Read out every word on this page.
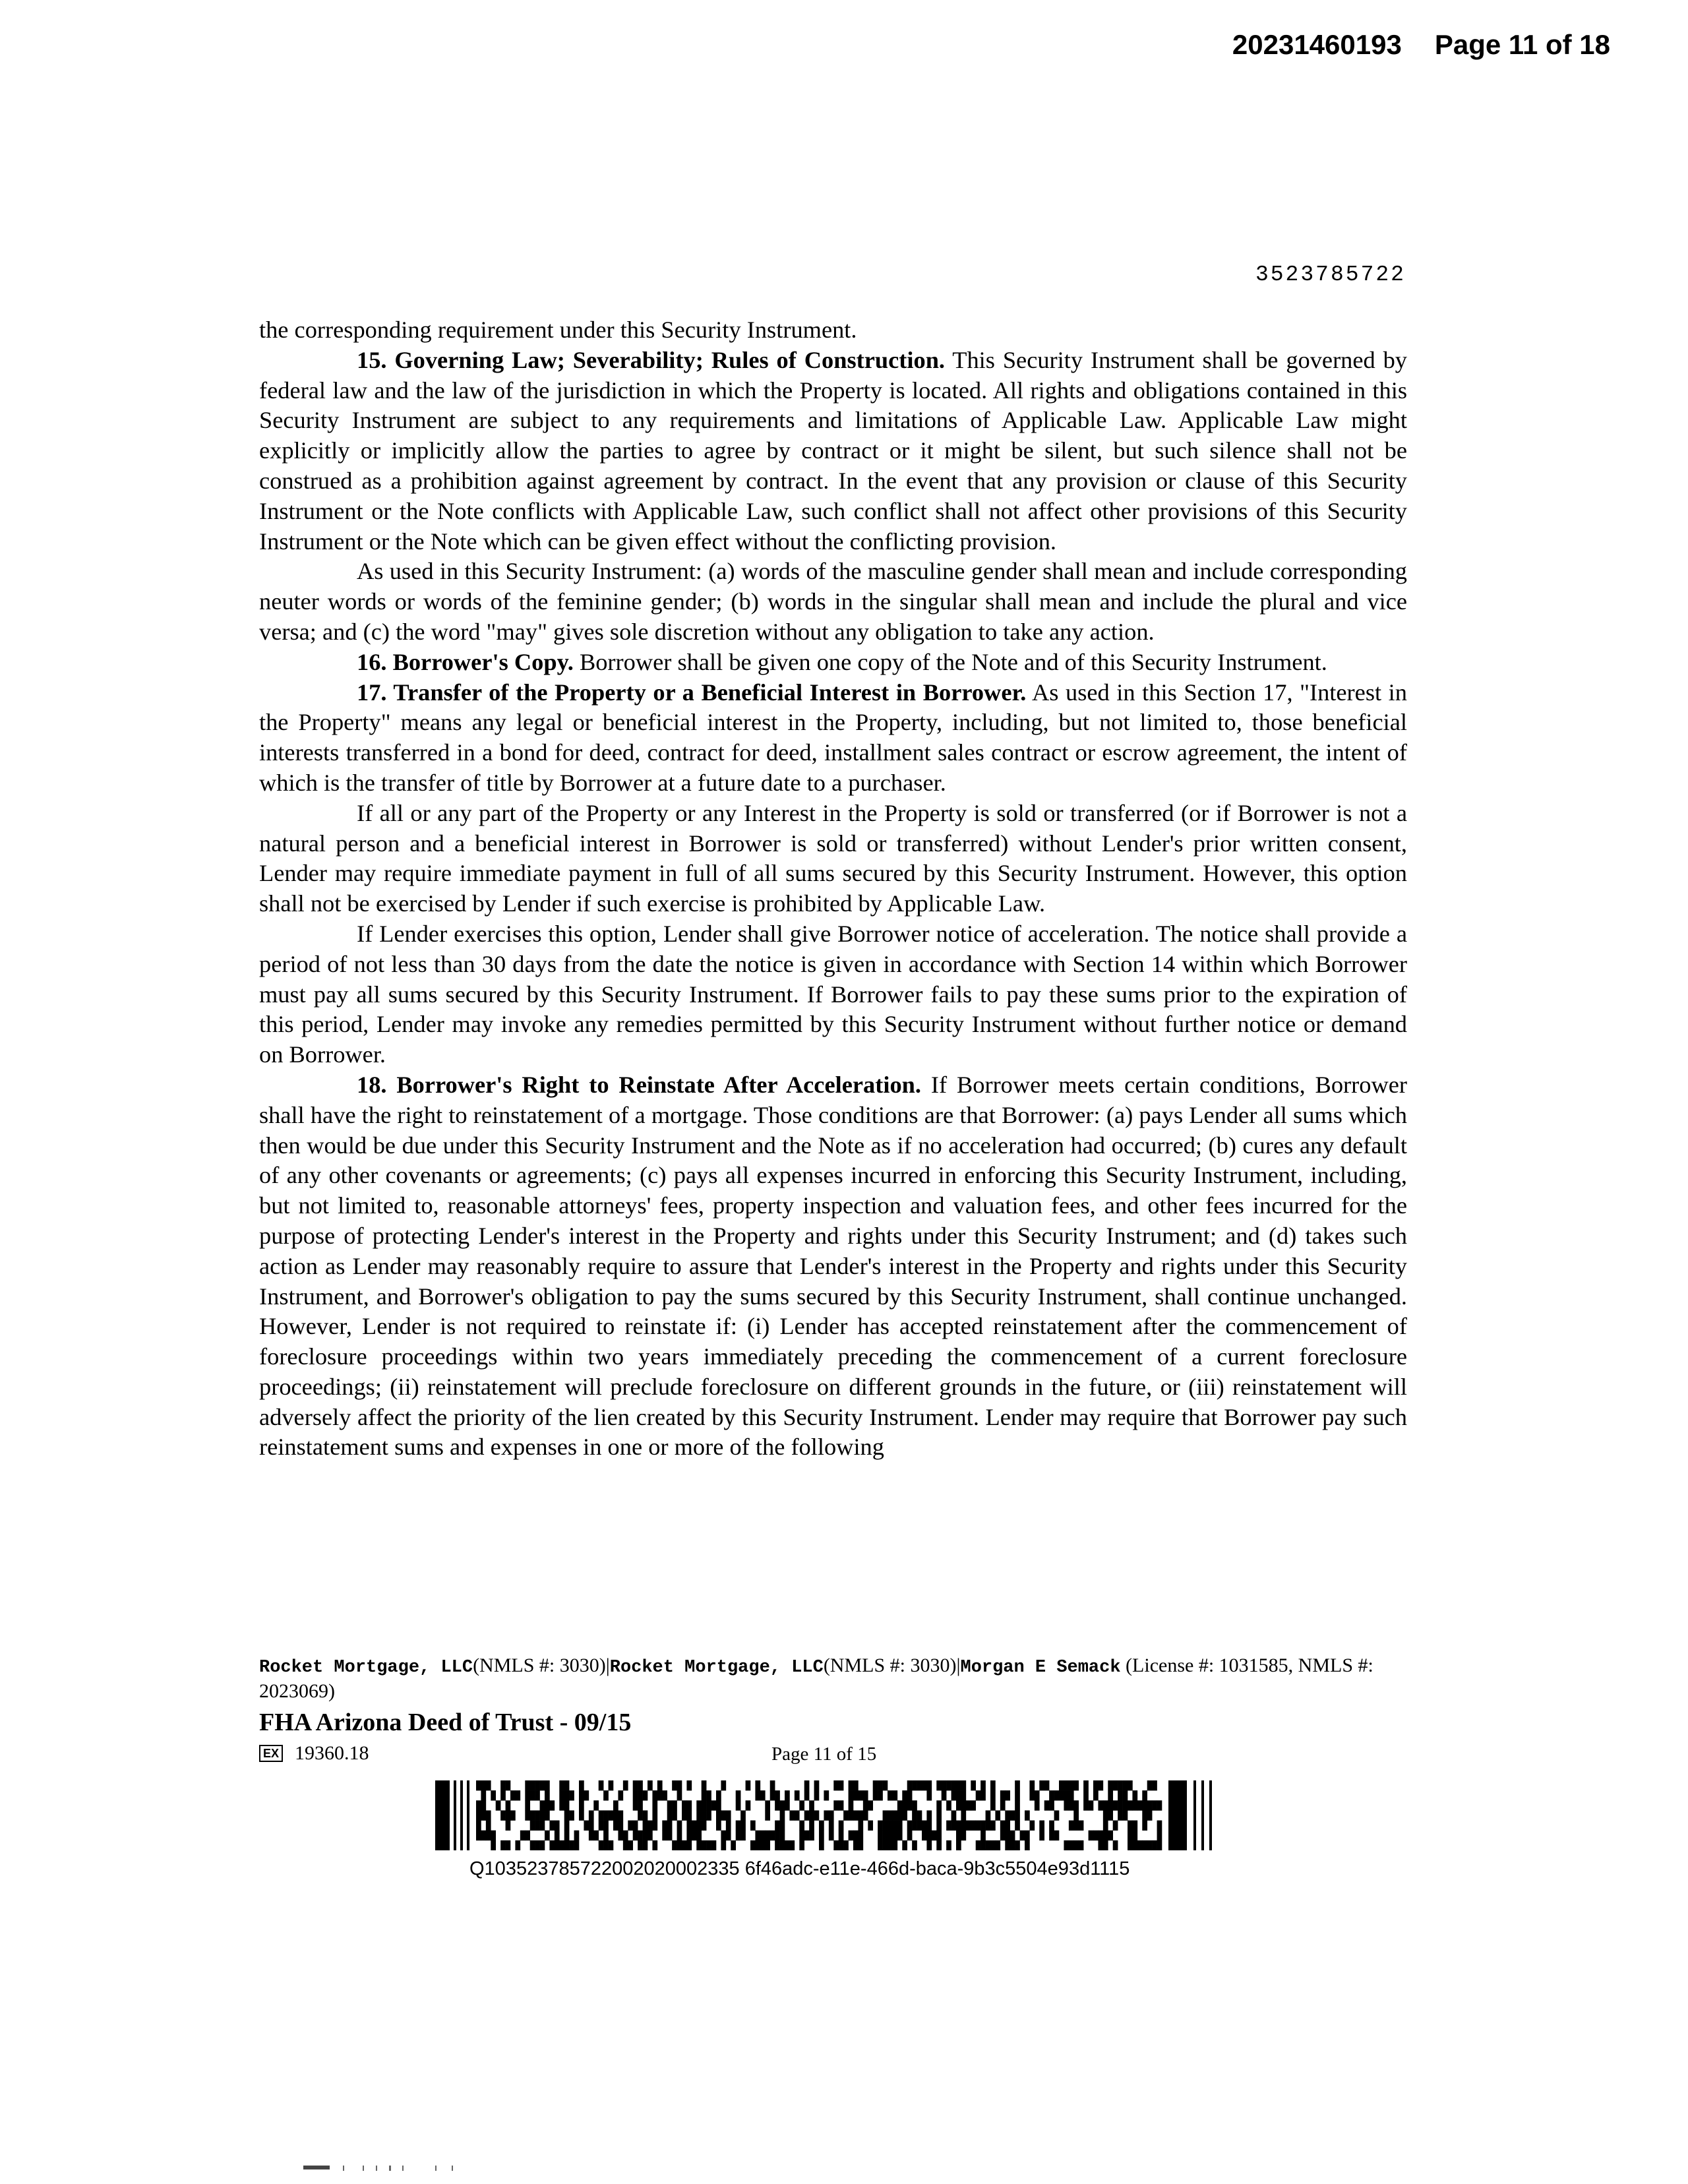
20231460193 Page 11 of 18
3523785722

the corresponding requirement under this Security Instrument.

15. Governing Law; Severability; Rules of Construction. This Security Instrument shall be governed by federal law and the law of the jurisdiction in which the Property is located. All rights and obligations contained in this Security Instrument are subject to any requirements and limitations of Applicable Law. Applicable Law might explicitly or implicitly allow the parties to agree by contract or it might be silent, but such silence shall not be construed as a prohibition against agreement by contract. In the event that any provision or clause of this Security Instrument or the Note conflicts with Applicable Law, such conflict shall not affect other provisions of this Security Instrument or the Note which can be given effect without the conflicting provision.

As used in this Security Instrument: (a) words of the masculine gender shall mean and include corresponding neuter words or words of the feminine gender; (b) words in the singular shall mean and include the plural and vice versa; and (c) the word "may" gives sole discretion without any obligation to take any action.

16. Borrower's Copy. Borrower shall be given one copy of the Note and of this Security Instrument.

17. Transfer of the Property or a Beneficial Interest in Borrower. As used in this Section 17, "Interest in the Property" means any legal or beneficial interest in the Property, including, but not limited to, those beneficial interests transferred in a bond for deed, contract for deed, installment sales contract or escrow agreement, the intent of which is the transfer of title by Borrower at a future date to a purchaser.

If all or any part of the Property or any Interest in the Property is sold or transferred (or if Borrower is not a natural person and a beneficial interest in Borrower is sold or transferred) without Lender's prior written consent, Lender may require immediate payment in full of all sums secured by this Security Instrument. However, this option shall not be exercised by Lender if such exercise is prohibited by Applicable Law.

If Lender exercises this option, Lender shall give Borrower notice of acceleration. The notice shall provide a period of not less than 30 days from the date the notice is given in accordance with Section 14 within which Borrower must pay all sums secured by this Security Instrument. If Borrower fails to pay these sums prior to the expiration of this period, Lender may invoke any remedies permitted by this Security Instrument without further notice or demand on Borrower.

18. Borrower's Right to Reinstate After Acceleration. If Borrower meets certain conditions, Borrower shall have the right to reinstatement of a mortgage. Those conditions are that Borrower: (a) pays Lender all sums which then would be due under this Security Instrument and the Note as if no acceleration had occurred; (b) cures any default of any other covenants or agreements; (c) pays all expenses incurred in enforcing this Security Instrument, including, but not limited to, reasonable attorneys' fees, property inspection and valuation fees, and other fees incurred for the purpose of protecting Lender's interest in the Property and rights under this Security Instrument; and (d) takes such action as Lender may reasonably require to assure that Lender's interest in the Property and rights under this Security Instrument, and Borrower's obligation to pay the sums secured by this Security Instrument, shall continue unchanged. However, Lender is not required to reinstate if: (i) Lender has accepted reinstatement after the commencement of foreclosure proceedings within two years immediately preceding the commencement of a current foreclosure proceedings; (ii) reinstatement will preclude foreclosure on different grounds in the future, or (iii) reinstatement will adversely affect the priority of the lien created by this Security Instrument. Lender may require that Borrower pay such reinstatement sums and expenses in one or more of the following

Rocket Mortgage, LLC(NMLS #: 3030)|Rocket Mortgage, LLC(NMLS #: 3030)|Morgan E Semack (License #: 1031585, NMLS #: 2023069)
FHA Arizona Deed of Trust - 09/15
EX 19360.18	Page 11 of 15
Q103523785722002020002335 6f46adc-e11e-466d-baca-9b3c5504e93d1115
